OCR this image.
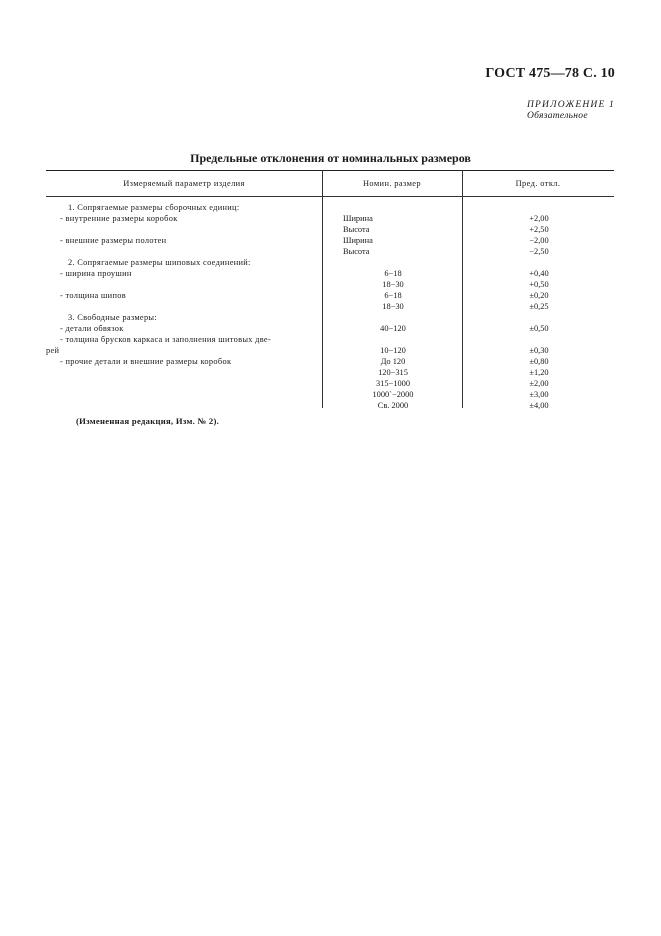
ГОСТ 475—78 С. 10
ПРИЛОЖЕНИЕ 1
Обязательное
Предельные отклонения от номинальных размеров
Измеряемый параметр изделия	Номин. размер	Пред. откл.
1. Сопрягаемые размеры сборочных единиц:
- внутренние размеры коробок	Ширина	+2,00
Высота	+2,50
- внешние размеры полотен	Ширина	−2,00
Высота	−2,50
2. Сопрягаемые размеры шиповых соединений:
- ширина проушин	6−18	+0,40
18−30	+0,50
- толщина шипов	6−18	±0,20
18−30	±0,25
3. Свободные размеры:
- детали обвязок	40−120	±0,50
- толщина брусков каркаса и заполнения шитовых две-
рей	10−120	±0,30
- прочие детали и внешние размеры коробок	До 120	±0,80
120−315	±1,20
315−1000	±2,00
1000`−2000	±3,00
Св. 2000	±4,00
(Измененная редакция, Изм. № 2).
